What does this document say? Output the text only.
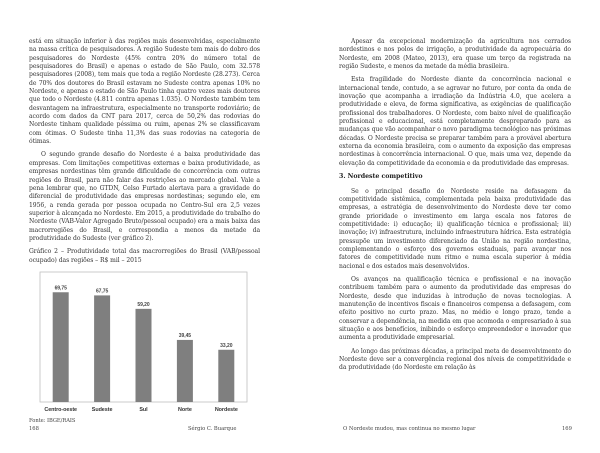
está em situação inferior à das regiões mais desenvolvidas, especialmente na massa crítica de pesquisadores. A região Sudeste tem mais do dobro dos pesquisadores do Nordeste (45% contra 20% do número total de pesquisadores do Brasil) e apenas o estado de São Paulo, com 32.578 pesquisadores (2008), tem mais que toda a região Nordeste (28.273). Cerca de 70% dos doutores do Brasil estavam no Sudeste contra apenas 10% no Nordeste, e apenas o estado de São Paulo tinha quatro vezes mais doutores que todo o Nordeste (4.811 contra apenas 1.035). O Nordeste também tem desvantagem na infraestrutura, especialmente no transporte rodoviário; de acordo com dados da CNT para 2017, cerca de 50,2% das rodovias do Nordeste tinham qualidade péssima ou ruim, apenas 2% se classificavam com ótimas. O Sudeste tinha 11,3% das suas rodovias na categoria de ótimas.

O segundo grande desafio do Nordeste é a baixa produtividade das empresas. Com limitações competitivas externas e baixa produtividade, as empresas nordestinas têm grande dificuldade de concorrência com outras regiões do Brasil, para não falar das restrições ao mercado global. Vale a pena lembrar que, no GTDN, Celso Furtado alertava para a gravidade do diferencial de produtividade das empresas nordestinas; segundo ele, em 1956, a renda gerada por pessoa ocupada no Centro-Sul era 2,5 vezes superior à alcançada no Nordeste. Em 2015, a produtividade do trabalho do Nordeste (VAB-Valor Agregado Bruto/pessoal ocupado) era a mais baixa das macrorregiões do Brasil, e correspondia a menos da metade da produtividade do Sudeste (ver gráfico 2).

Gráfico 2 – Produtividade total das macrorregiões do Brasil (VAB/pessoal ocupado) das regiões – R$ mil – 2015

69,75
Centro-oeste
67,75
Sudeste
59,20
Sul
39,45
Norte
33,20
Nordeste
Fonte: IBGE/RAIS
168	Sérgio C. Buarque

Apesar da excepcional modernização da agricultura nos cerrados nordestinos e nos polos de irrigação, a produtividade da agropecuária do Nordeste, em 2008 (Mateo, 2013), era quase um terço da registrada na região Sudeste, e menos da metade da média brasileira.

Esta fragilidade do Nordeste diante da concorrência nacional e internacional tende, contudo, a se agravar no futuro, por conta da onda de inovação que acompanha a irradiação da Indústria 4.0, que acelera a produtividade e eleva, de forma significativa, as exigências de qualificação profissional dos trabalhadores. O Nordeste, com baixo nível de qualificação profissional e educacional, está completamente despreparado para as mudanças que vão acompanhar o novo paradigma tecnológico nas próximas décadas. O Nordeste precisa se preparar também para a provável abertura externa da economia brasileira, com o aumento da exposição das empresas nordestinas à concorrência internacional. O que, mais uma vez, depende da elevação da competitividade da economia e da produtividade das empresas.

3. Nordeste competitivo

Se o principal desafio do Nordeste reside na defasagem da competitividade sistêmica, complementada pela baixa produtividade das empresas, a estratégia de desenvolvimento do Nordeste deve ter como grande prioridade o investimento em larga escala nos fatores de competitividade: i) educação; ii) qualificação técnica e profissional; iii) inovação; iv) infraestrutura, incluindo infraestrutura hídrica. Esta estratégia pressupõe um investimento diferenciado da União na região nordestina, complementando o esforço dos governos estaduais, para avançar nos fatores de competitividade num ritmo e numa escala superior à média nacional e dos estados mais desenvolvidos.

Os avanços na qualificação técnica e profissional e na inovação contribuem também para o aumento da produtividade das empresas do Nordeste, desde que induzidas à introdução de novas tecnologias. A manutenção de incentivos fiscais e financeiros compensa a defasagem, com efeito positivo no curto prazo. Mas, no médio e longo prazo, tende a conservar a dependência, na medida em que acomoda o empresariado à sua situação e aos benefícios, inibindo o esforço empreendedor e inovador que aumenta a produtividade empresarial.

Ao longo das próximas décadas, a principal meta de desenvolvimento do Nordeste deve ser a convergência regional dos níveis de competitividade e da produtividade (do Nordeste em relação às

O Nordeste mudou, mas continua no mesmo lugar	169
